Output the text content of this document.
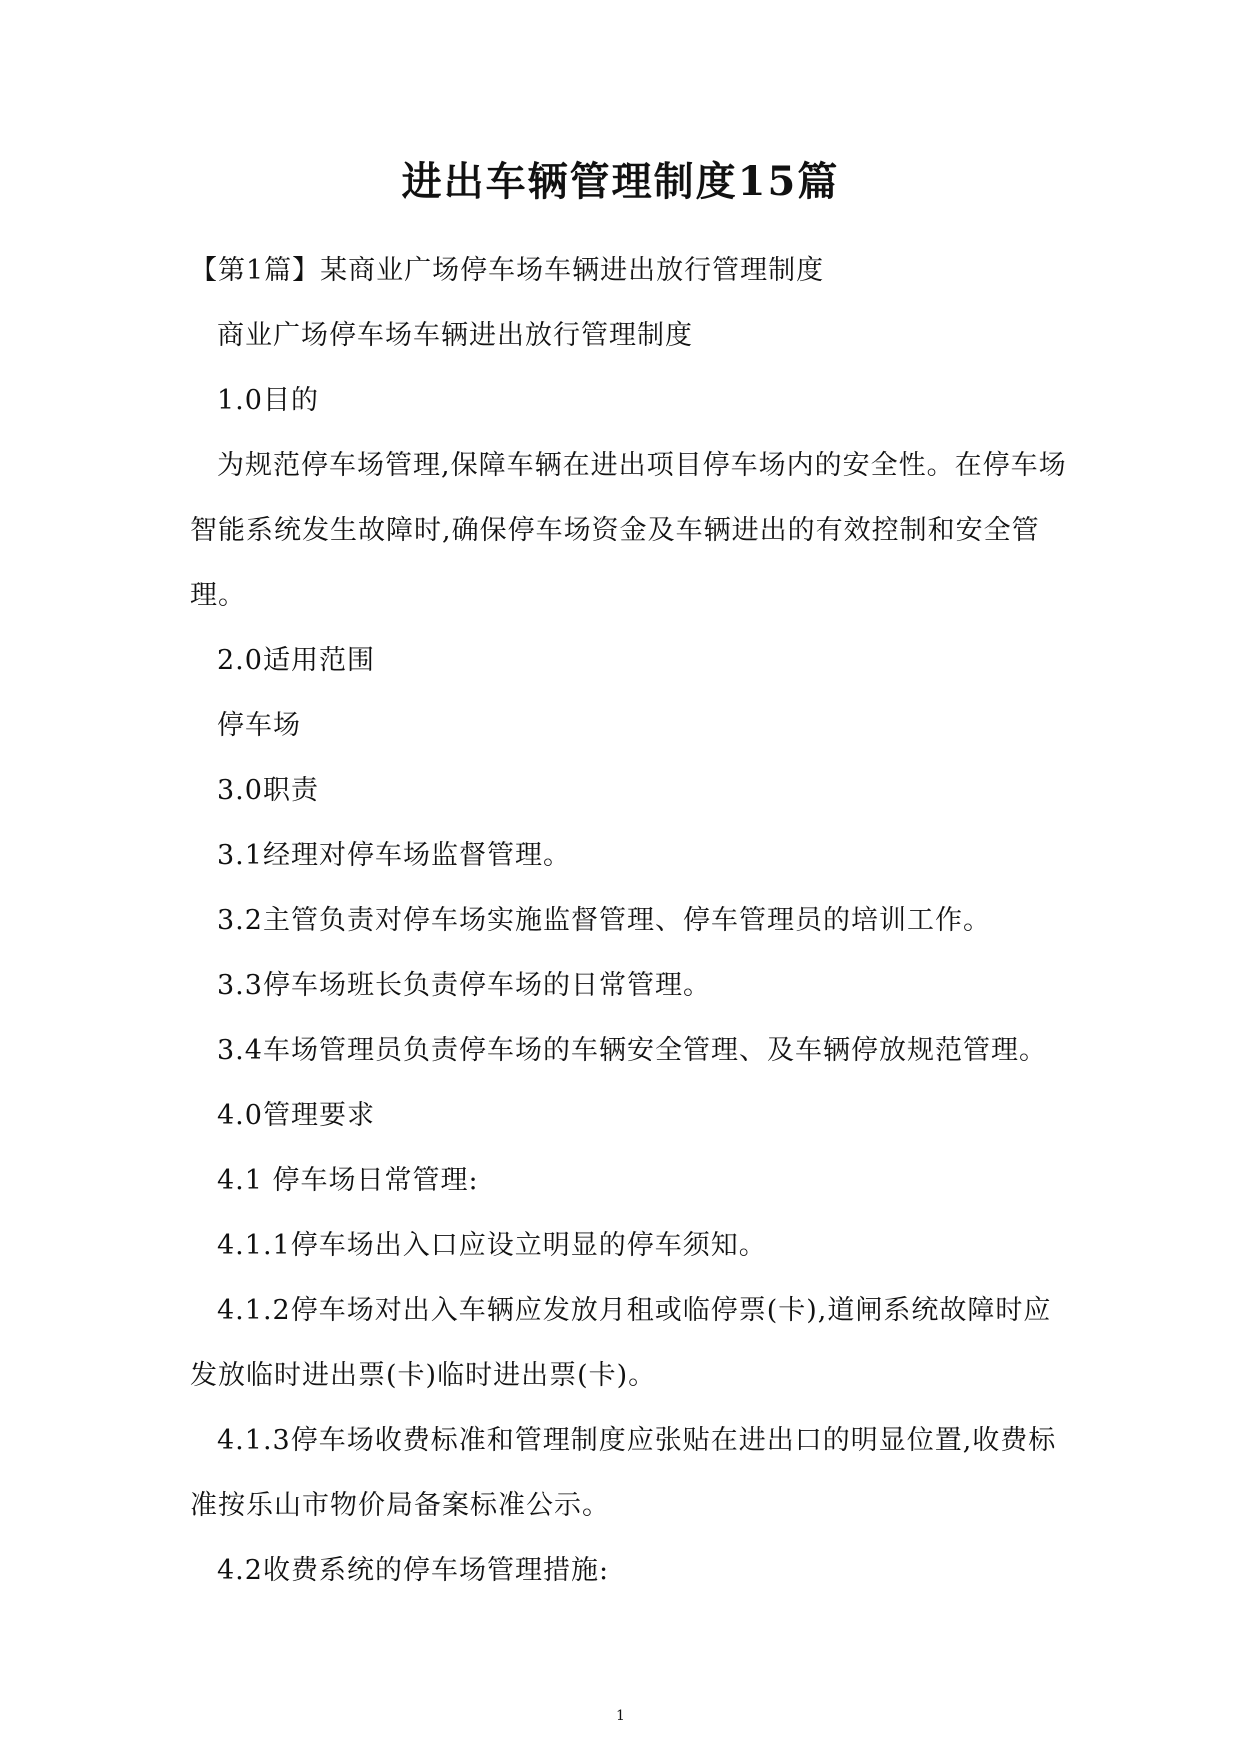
进出车辆管理制度15篇

【第1篇】某商业广场停车场车辆进出放行管理制度

商业广场停车场车辆进出放行管理制度

1.0目的

为规范停车场管理,保障车辆在进出项目停车场内的安全性。在停车场智能系统发生故障时,确保停车场资金及车辆进出的有效控制和安全管理。

2.0适用范围

停车场

3.0职责

3.1经理对停车场监督管理。

3.2主管负责对停车场实施监督管理、停车管理员的培训工作。

3.3停车场班长负责停车场的日常管理。

3.4车场管理员负责停车场的车辆安全管理、及车辆停放规范管理。

4.0管理要求

4.1 停车场日常管理:

4.1.1停车场出入口应设立明显的停车须知。

4.1.2停车场对出入车辆应发放月租或临停票(卡),道闸系统故障时应发放临时进出票(卡)临时进出票(卡)。

4.1.3停车场收费标准和管理制度应张贴在进出口的明显位置,收费标准按乐山市物价局备案标准公示。

4.2收费系统的停车场管理措施:

1
